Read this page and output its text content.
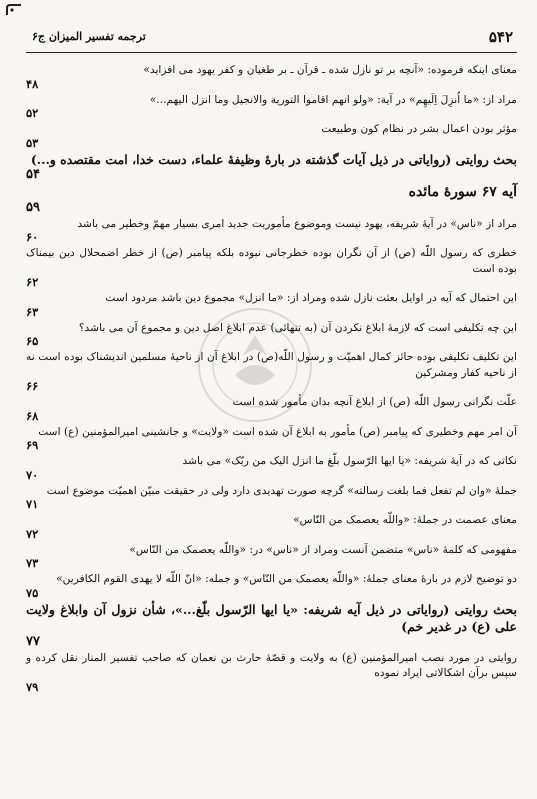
ترجمه تفسیر المیزان ج۶	۵۴۲
معنای اینکه فرموده: «آنچه بر تو نازل شده ـ قرآن ـ بر طغیان و کفر یهود می افزاید»
۴۸
مراد از: «ما اُنزِلَ اِلَیهِم» در آیة: «ولو انهم اقاموا التورية والانجيل وما انزل اليهم...»
۵۲
مؤثر بودن اعمال بشر در نظام کون وطبیعت
۵۳
بحث روایتی (روایاتی در ذیل آیات گذشته در بارهٔ وظیفهٔ علماء، دست خدا، امت مقتصده و...)
۵۴
آیه ۶۷ سورهٔ مائده
۵۹
مراد از «ناس» در آیهٔ شریفه، یهود نیست وموضوع مأموریت جدید امری بسیار مهمّ وخطیر می باشد
۶۰
خطری که رسول اللّه (ص) از آن نگران بوده خطرجانی نبوده بلکه پیامبر (ص) از خطر اضمحلال دین بیمناک بوده است
۶۲
این احتمال که آیه در اوایل بعثت نازل شده ومراد از: «ما انزل» مجموع دین باشد مردود است
۶۳
این چه تکلیفی است که لازمهٔ ابلاغ نکردن آن (به تنهائی) عدم ابلاغ اصل دین و مجموع آن می باشد؟
۶۵
این تکلیف تکلیفی بوده حائز کمال اهمیّت و رسول اللّه(ص) در ابلاغ آن از ناحیهٔ مسلمین اندیشناک بوده است نه از ناحیه کفار ومشرکین
۶۶
علّت نگرانی رسول اللّه (ص) از ابلاغ آنچه بدان مأمور شده است
۶۸
آن امر مهم وخطیری که پیامبر (ص) مأمور به ابلاغ آن شده است «ولایت» و جانشینی امیرالمؤمنین (ع) است
۶۹
نکاتی که در آیهٔ شریفه: «یا ایها الرّسول بلّغ ما انزل الیک من ربّک» می باشد
۷۰
جملهٔ «وان لم تفعل فما بلغت رسالته» گرچه صورت تهدیدی دارد ولی در حقیقت مبیّن اهمیّت موضوع است
۷۱
معنای عصمت در جملهٔ: «واللّه یعصمک من النّاس»
۷۲
مفهومی که کلمهٔ «ناس» متضمن آنست ومراد از «ناس» در: «واللّه یعصمک من النّاس»
۷۳
دو توضیح لازم در بارهٔ معنای جملهٔ: «واللّه یعصمک من النّاس» و جمله: «انّ اللّه لا یهدی القوم الکافرین»
۷۵
بحث روایتی (روایاتی در ذیل آیه شریفه: «یا ایها الرّسول بلّغ...»، شأن نزول آن وابلاغ ولایت علی (ع) در غدیر خم)
۷۷
روایتی در مورد نصب امیرالمؤمنین (ع) به ولایت و قصّهٔ حارث بن نعمان که صاحب تفسیر المنار نقل کرده و سپس برآن اشکالاتی ایراد نموده
۷۹
